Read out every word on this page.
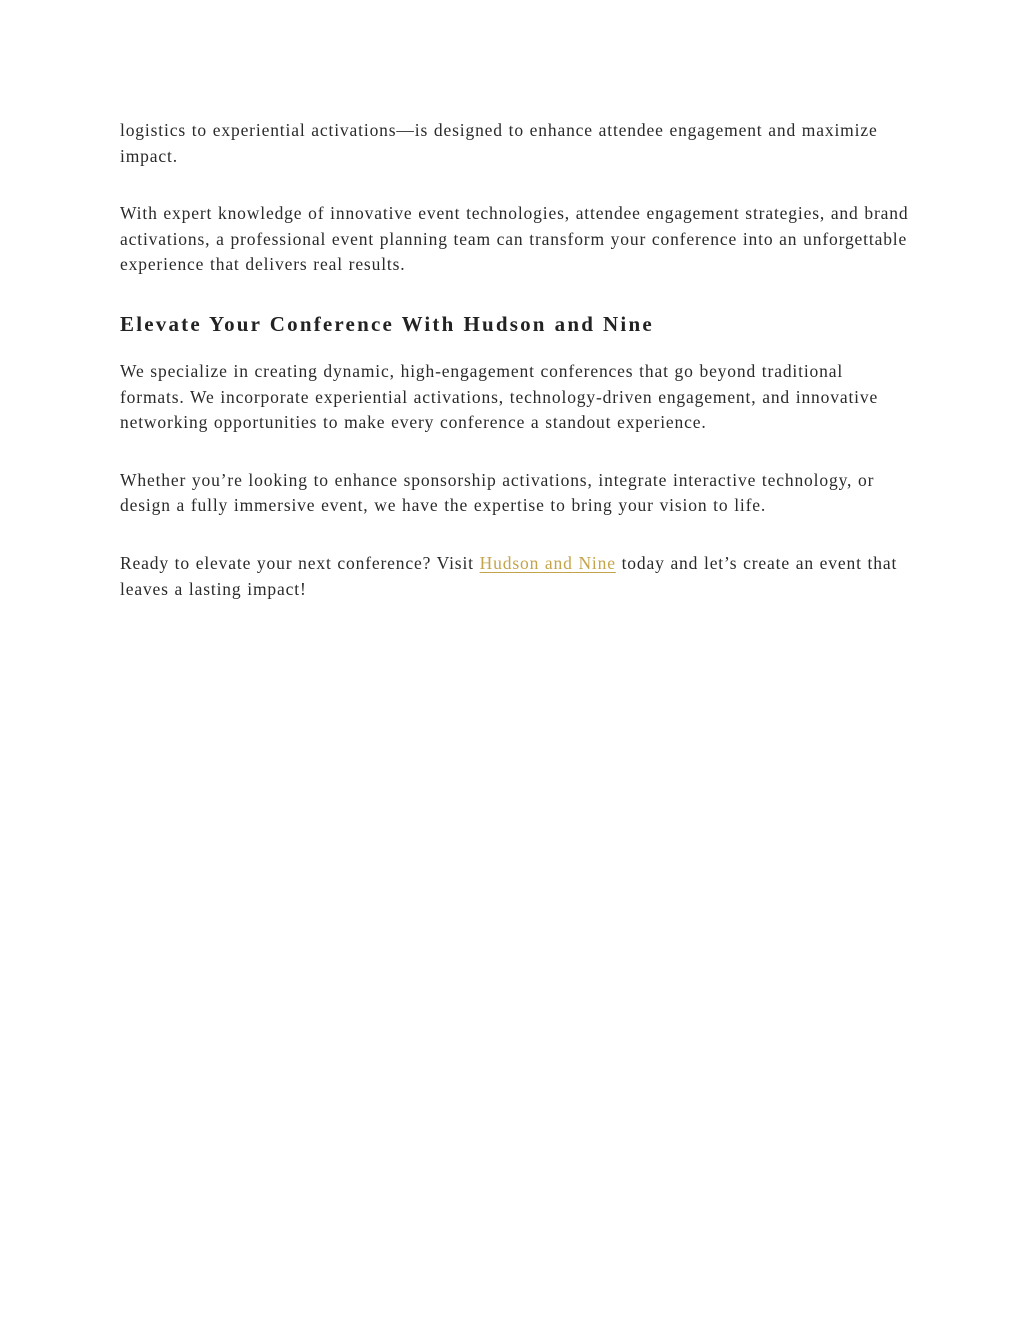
logistics to experiential activations—is designed to enhance attendee engagement and maximize impact.

With expert knowledge of innovative event technologies, attendee engagement strategies, and brand activations, a professional event planning team can transform your conference into an unforgettable experience that delivers real results.

Elevate Your Conference With Hudson and Nine

We specialize in creating dynamic, high-engagement conferences that go beyond traditional formats. We incorporate experiential activations, technology-driven engagement, and innovative networking opportunities to make every conference a standout experience.

Whether you’re looking to enhance sponsorship activations, integrate interactive technology, or design a fully immersive event, we have the expertise to bring your vision to life.

Ready to elevate your next conference? Visit Hudson and Nine today and let’s create an event that leaves a lasting impact!
